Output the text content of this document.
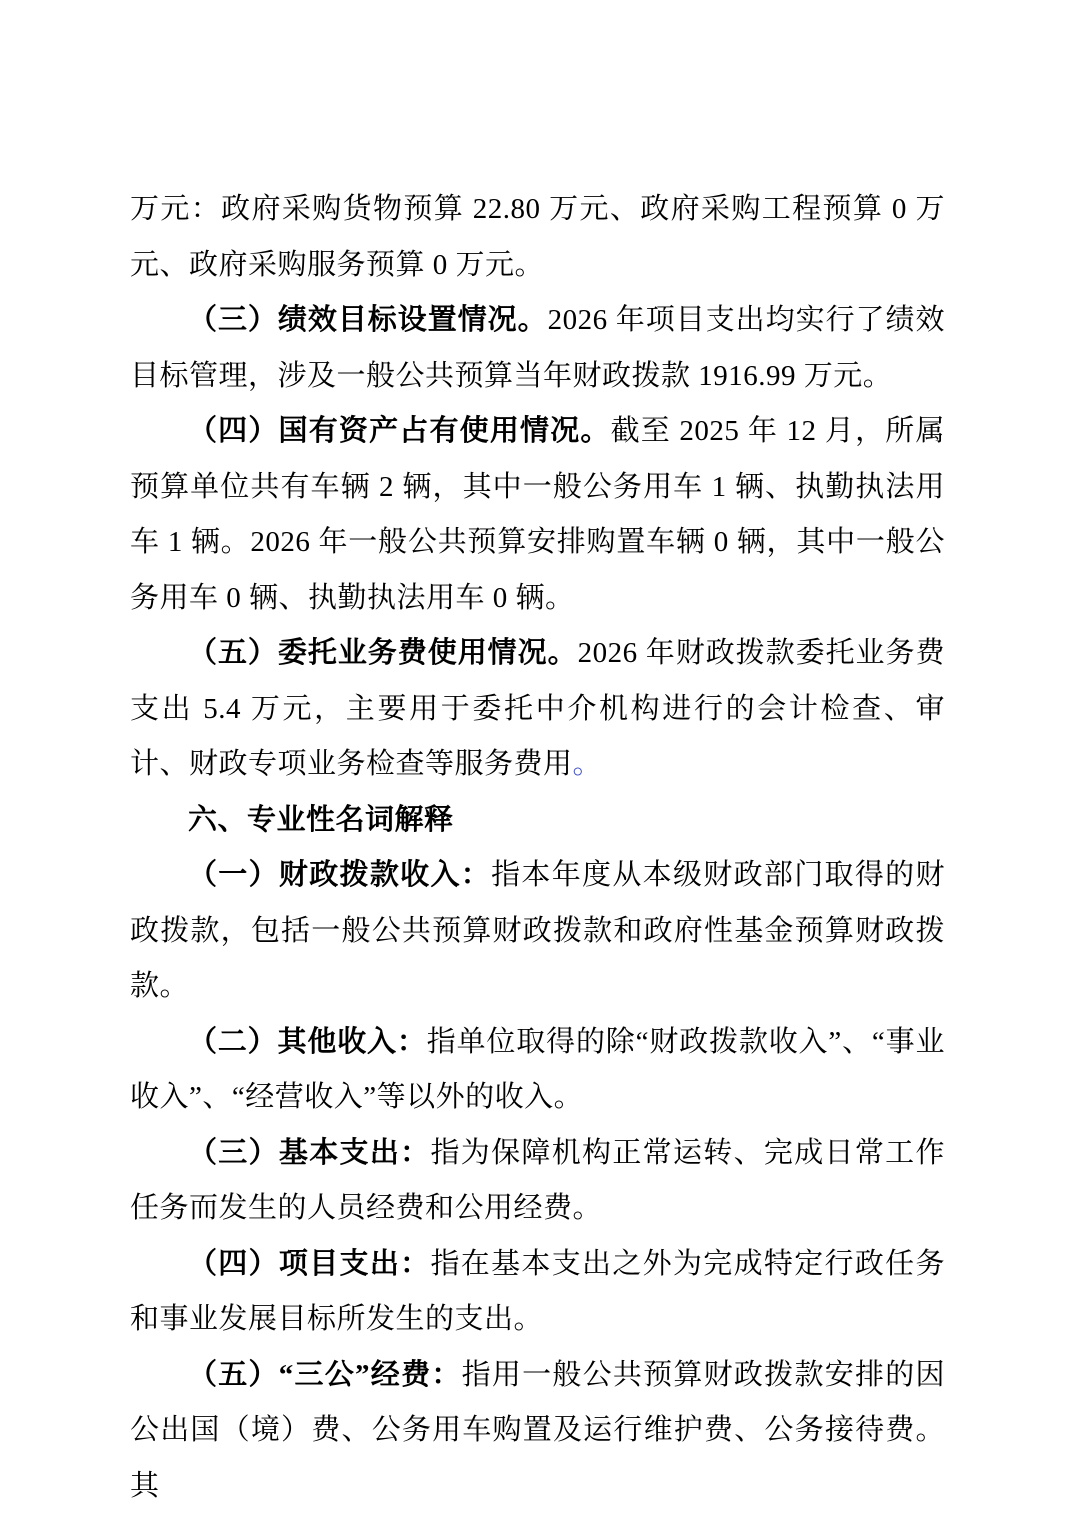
万元：政府采购货物预算 22.80 万元、政府采购工程预算 0 万元、政府采购服务预算 0 万元。

（三）绩效目标设置情况。2026 年项目支出均实行了绩效目标管理，涉及一般公共预算当年财政拨款 1916.99 万元。

（四）国有资产占有使用情况。截至 2025 年 12 月，所属预算单位共有车辆 2 辆，其中一般公务用车 1 辆、执勤执法用车 1 辆。2026 年一般公共预算安排购置车辆 0 辆，其中一般公务用车 0 辆、执勤执法用车 0 辆。

（五）委托业务费使用情况。2026 年财政拨款委托业务费支出 5.4 万元，主要用于委托中介机构进行的会计检查、审计、财政专项业务检查等服务费用。

六、专业性名词解释

（一）财政拨款收入：指本年度从本级财政部门取得的财政拨款，包括一般公共预算财政拨款和政府性基金预算财政拨款。

（二）其他收入：指单位取得的除“财政拨款收入”、“事业收入”、“经营收入”等以外的收入。

（三）基本支出：指为保障机构正常运转、完成日常工作任务而发生的人员经费和公用经费。

（四）项目支出：指在基本支出之外为完成特定行政任务和事业发展目标所发生的支出。

（五）“三公”经费：指用一般公共预算财政拨款安排的因公出国（境）费、公务用车购置及运行维护费、公务接待费。其
